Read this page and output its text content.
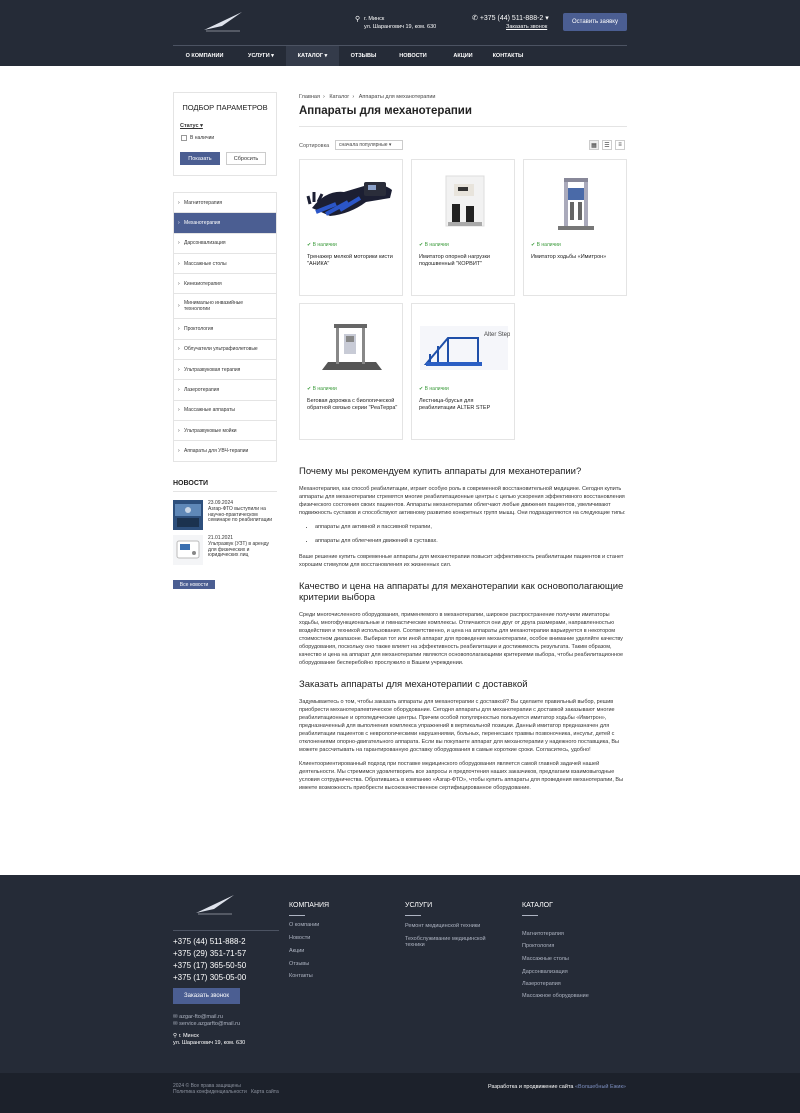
⚲ г. Минск
ул. Шарангович 19, ком. 630
✆ +375 (44) 511-888-2 ▾
Заказать звонок
Оставить заявку
О КОМПАНИИ	УСЛУГИ ▾	КАТАЛОГ ▾	ОТЗЫВЫ	НОВОСТИ	АКЦИИ	КОНТАКТЫ
ПОДБОР ПАРАМЕТРОВ
Статус ▾
В наличии
Показать	Сбросить
› Магнитотерапия
› Механотерапия
› Дарсонвализация
› Массажные столы
› Кинезиотерапия
› Минимально инвазийные технологии
› Проктология
› Облучатели ультрафиолетовые
› Ультразвуковая терапия
› Лазеротерапия
› Массажные аппараты
› Ультразвуковые мойки
› Аппараты для УВЧ-терапии
НОВОСТИ
23.09.2024
Азгар-ФТО выступили на научно-практическом семинаре по реабилитации
21.01.2021
Ультразвук (УЗТ) в аренду для физических и юридических лиц
Все новости
Главная › Каталог › Аппараты для механотерапии
Аппараты для механотерапии
Сортировка	сначала популярные ▾	▦	☰	≡
✔ В наличии
Тренажер мелкой моторики кисти "АНИКА"
✔ В наличии
Имитатор опорной нагрузки подошвенный "КОРВИТ"
✔ В наличии
Имитатор ходьбы «Имитрон»
✔ В наличии
Беговая дорожка с биологической обратной связью серии "РеаТерра"
Alter Step
✔ В наличии
Лестница-брусья для реабилитации ALTER STEP
Почему мы рекомендуем купить аппараты для механотерапии?

Механотерапия, как способ реабилитации, играет особую роль в современной восстановительной медицине. Сегодня купить аппараты для механотерапии стремятся многие реабилитационные центры с целью ускорения эффективного восстановления физического состояния своих пациентов. Аппараты механотерапии облегчают любые движения пациентов, увеличивают подвижность суставов и способствуют активному развитию конкретных групп мышц. Они подразделяются на следующие типы:

• аппараты для активной и пассивной терапии,
• аппараты для облегчения движений в суставах.

Ваше решение купить современные аппараты для механотерапии повысит эффективность реабилитации пациентов и станет хорошим стимулом для восстановления их жизненных сил.

Качество и цена на аппараты для механотерапии как основополагающие критерии выбора

Среди многочисленного оборудования, применяемого в механотерапии, широкое распространение получили имитаторы ходьбы, многофункциональные и гимнастические комплексы. Отличаются они друг от друга размерами, направленностью воздействия и техникой использования. Соответственно, и цена на аппараты для механотерапии варьируется в некотором стоимостном диапазоне. Выбирая тот или иной аппарат для проведения механотерапии, особое внимание уделяйте качеству оборудования, поскольку оно также влияет на эффективность реабилитации и достижимость результата. Таким образом, качество и цена на аппарат для механотерапии являются основополагающими критериями выбора, чтобы реабилитационное оборудование бесперебойно прослужило в Вашем учреждении.

Заказать аппараты для механотерапии с доставкой

Задумываетесь о том, чтобы заказать аппараты для механотерапии с доставкой? Вы сделаете правильный выбор, решив приобрести механотерапевтическое оборудование. Сегодня аппараты для механотерапии с доставкой заказывают многие реабилитационные и ортопедические центры. Причем особой популярностью пользуется имитатор ходьбы «Имитрон», предназначенный для выполнения комплекса упражнений в вертикальной позиции. Данный имитатор предназначен для реабилитации пациентов с неврологическими нарушениями, больных, перенесших травмы позвоночника, инсульт, детей с отклонениями опорно-двигательного аппарата. Если вы покупаете аппарат для механотерапии у надежного поставщика, Вы можете рассчитывать на гарантированную доставку оборудования в самые короткие сроки. Согласитесь, удобно!

Клиентоориентированный подход при поставке медицинского оборудования является самой главной задачей нашей деятельности. Мы стремимся удовлетворить все запросы и предпочтения наших заказчиков, предлагаем взаимовыгодные условия сотрудничества. Обратившись в компанию «Азгар-ФТО», чтобы купить аппараты для проведения механотерапии, Вы имеете возможность приобрести высококачественное сертифицированное оборудование.

+375 (44) 511-888-2
+375 (29) 351-71-57
+375 (17) 365-50-50
+375 (17) 305-05-00
Заказать звонок
✉ azgar-fto@mail.ru
✉ service.azgarfto@mail.ru
⚲ г. Минск
ул. Шарангович 19, ком. 630
КОМПАНИЯ
О компании
Новости
Акции
Отзывы
Контакты
УСЛУГИ
Ремонт медицинской техники
Техобслуживание медицинской техники
КАТАЛОГ
Магнитотерапия
Проктология
Массажные столы
Дарсонвализация
Лазеротерапия
Массажное оборудование
2024 © Все права защищены
Политика конфиденциальности Карта сайта
Разработка и продвижение сайта «Волшебный Ежик»
